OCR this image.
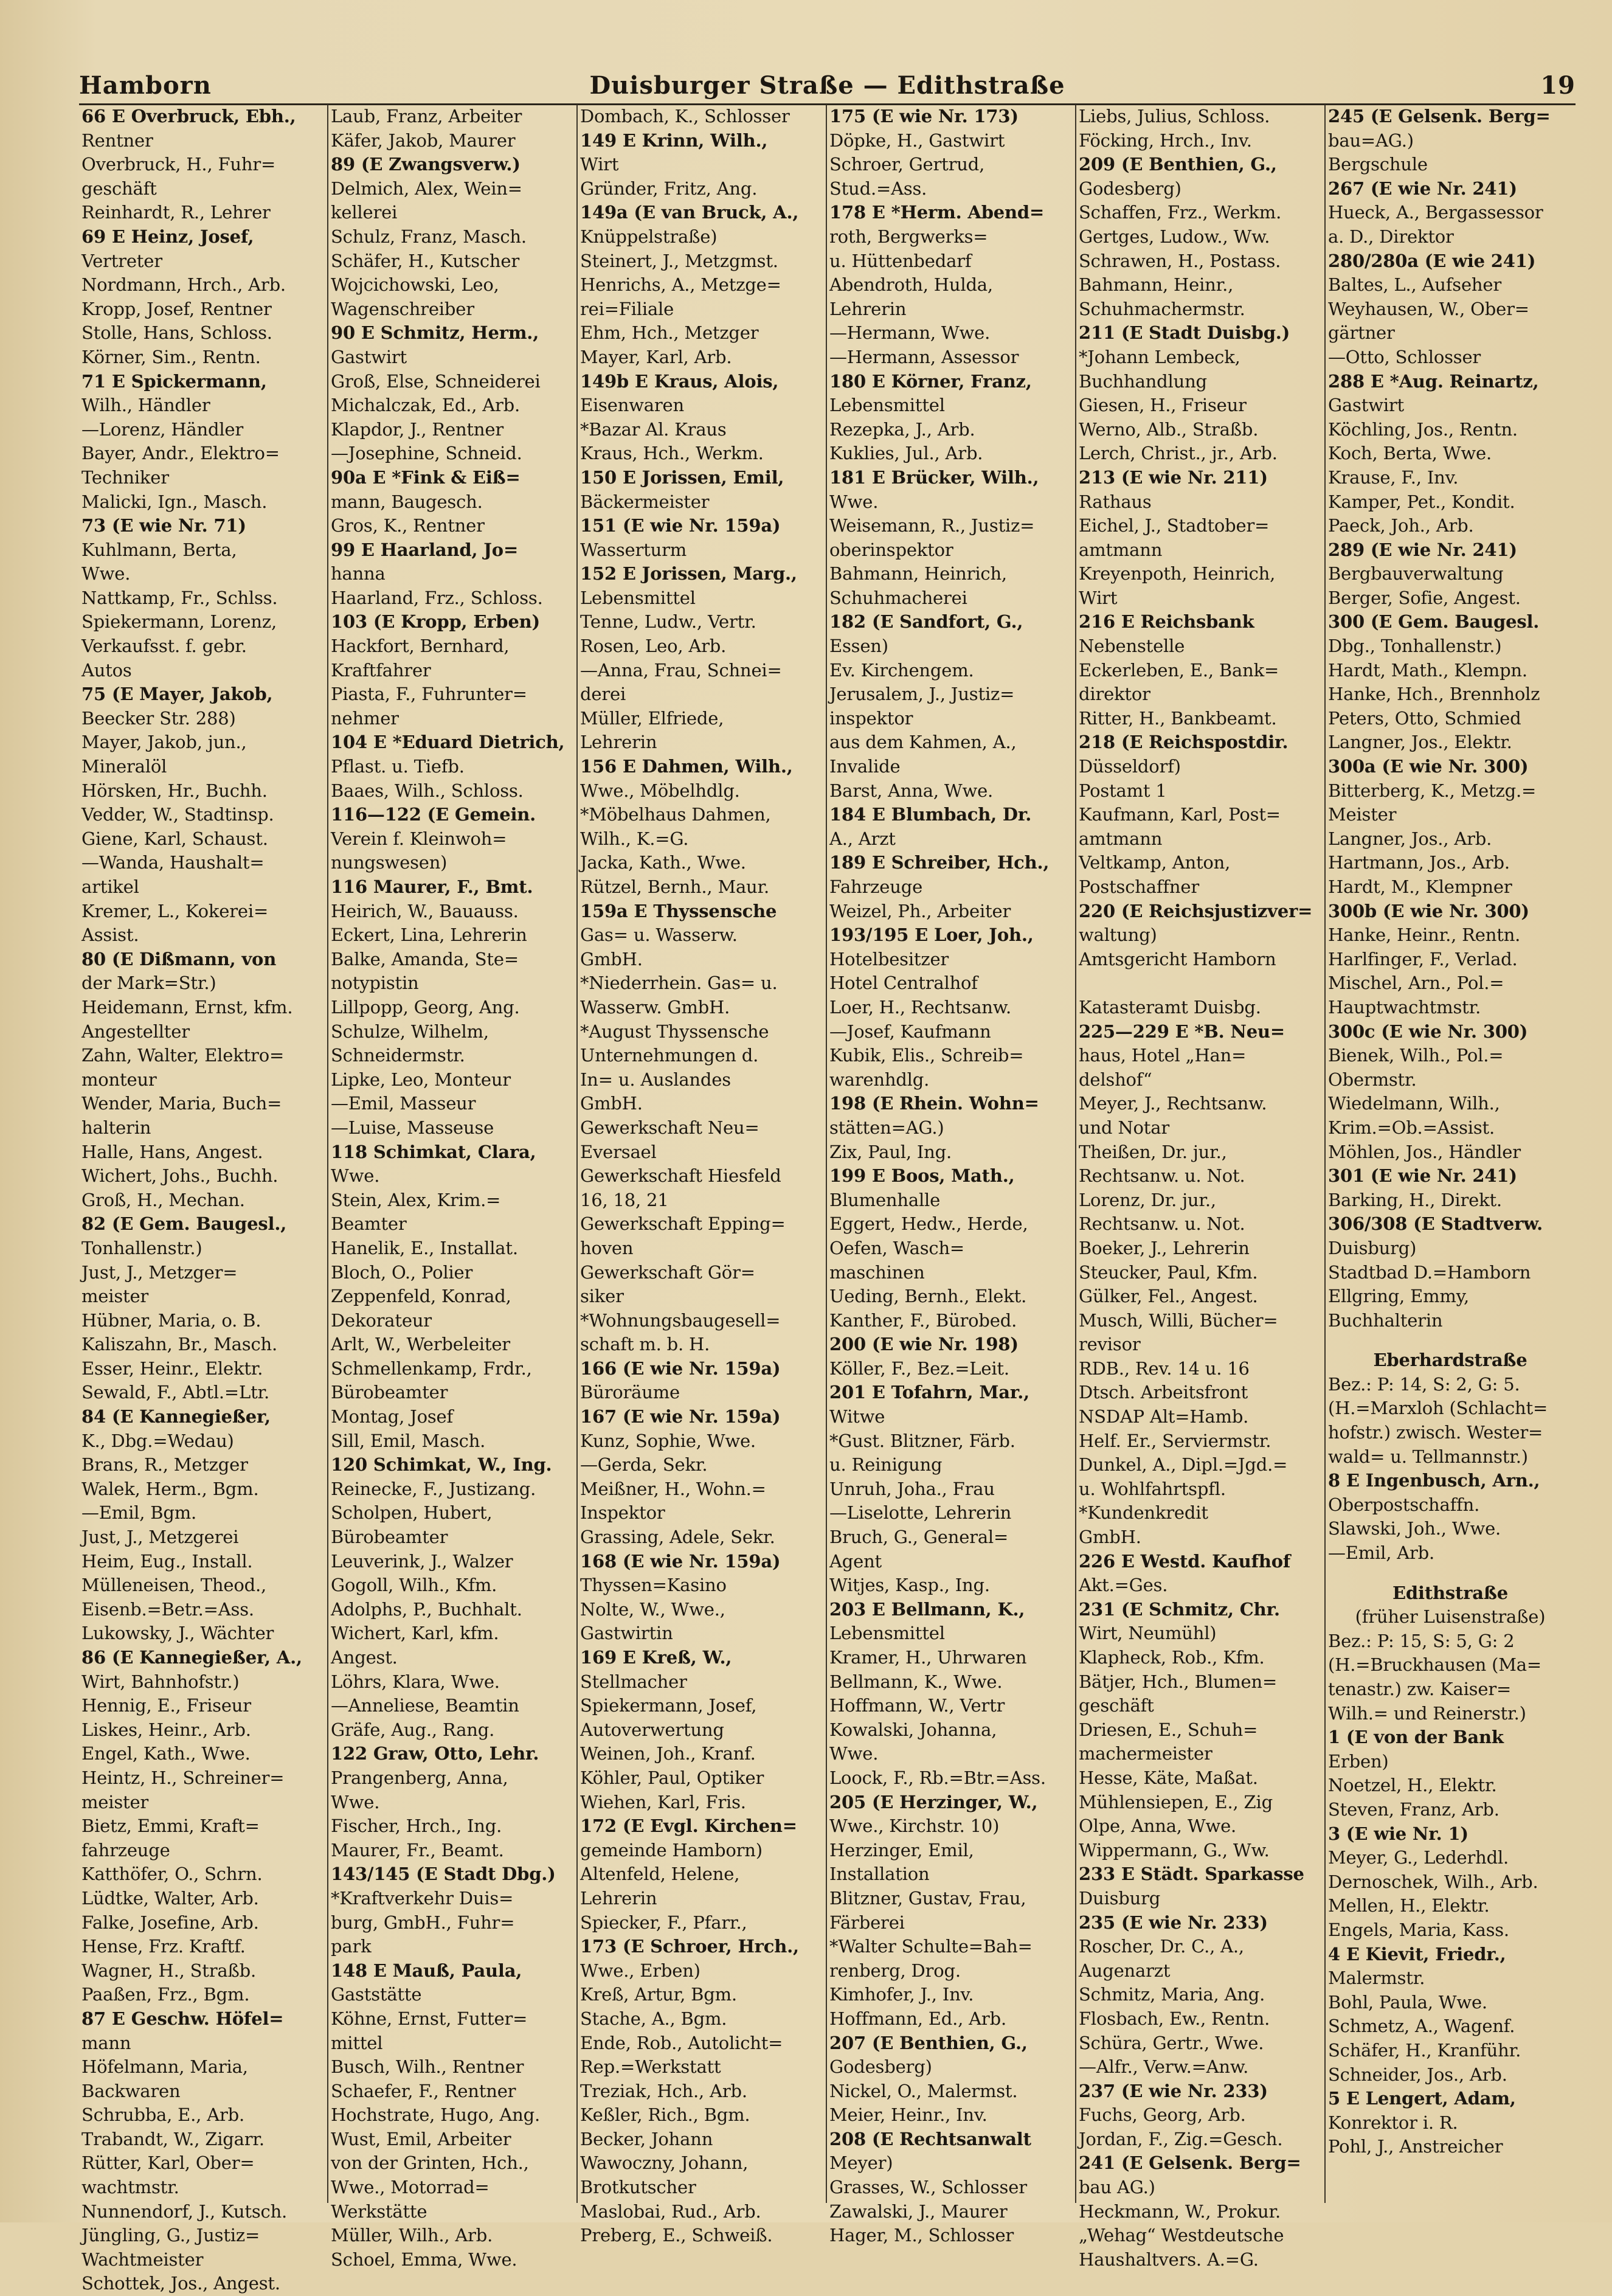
Hamborn	Duisburger Straße — Edithstraße	19
66 E Overbruck, Ebh.,
Rentner
Overbruck, H., Fuhr=
geschäft
Reinhardt, R., Lehrer
69 E Heinz, Josef,
Vertreter
Nordmann, Hrch., Arb.
Kropp, Josef, Rentner
Stolle, Hans, Schloss.
Körner, Sim., Rentn.
71 E Spickermann,
Wilh., Händler
—Lorenz, Händler
Bayer, Andr., Elektro=
Techniker
Malicki, Ign., Masch.
73 (E wie Nr. 71)
Kuhlmann, Berta,
Wwe.
Nattkamp, Fr., Schlss.
Spiekermann, Lorenz,
Verkaufsst. f. gebr.
Autos
75 (E Mayer, Jakob,
Beecker Str. 288)
Mayer, Jakob, jun.,
Mineralöl
Hörsken, Hr., Buchh.
Vedder, W., Stadtinsp.
Giene, Karl, Schaust.
—Wanda, Haushalt=
artikel
Kremer, L., Kokerei=
Assist.
80 (E Dißmann, von
der Mark=Str.)
Heidemann, Ernst, kfm.
Angestellter
Zahn, Walter, Elektro=
monteur
Wender, Maria, Buch=
halterin
Halle, Hans, Angest.
Wichert, Johs., Buchh.
Groß, H., Mechan.
82 (E Gem. Baugesl.,
Tonhallenstr.)
Just, J., Metzger=
meister
Hübner, Maria, o. B.
Kaliszahn, Br., Masch.
Esser, Heinr., Elektr.
Sewald, F., Abtl.=Ltr.
84 (E Kannegießer,
K., Dbg.=Wedau)
Brans, R., Metzger
Walek, Herm., Bgm.
—Emil, Bgm.
Just, J., Metzgerei
Heim, Eug., Install.
Mülleneisen, Theod.,
Eisenb.=Betr.=Ass.
Lukowsky, J., Wächter
86 (E Kannegießer, A.,
Wirt, Bahnhofstr.)
Hennig, E., Friseur
Liskes, Heinr., Arb.
Engel, Kath., Wwe.
Heintz, H., Schreiner=
meister
Bietz, Emmi, Kraft=
fahrzeuge
Katthöfer, O., Schrn.
Lüdtke, Walter, Arb.
Falke, Josefine, Arb.
Hense, Frz. Kraftf.
Wagner, H., Straßb.
Paaßen, Frz., Bgm.
87 E Geschw. Höfel=
mann
Höfelmann, Maria,
Backwaren
Schrubba, E., Arb.
Trabandt, W., Zigarr.
Rütter, Karl, Ober=
wachtmstr.
Nunnendorf, J., Kutsch.
Jüngling, G., Justiz=
Wachtmeister
Schottek, Jos., Angest.
Laub, Franz, Arbeiter
Käfer, Jakob, Maurer
89 (E Zwangsverw.)
Delmich, Alex, Wein=
kellerei
Schulz, Franz, Masch.
Schäfer, H., Kutscher
Wojcichowski, Leo,
Wagenschreiber
90 E Schmitz, Herm.,
Gastwirt
Groß, Else, Schneiderei
Michalczak, Ed., Arb.
Klapdor, J., Rentner
—Josephine, Schneid.
90a E *Fink & Eiß=
mann, Baugesch.
Gros, K., Rentner
99 E Haarland, Jo=
hanna
Haarland, Frz., Schloss.
103 (E Kropp, Erben)
Hackfort, Bernhard,
Kraftfahrer
Piasta, F., Fuhrunter=
nehmer
104 E *Eduard Dietrich,
Pflast. u. Tiefb.
Baaes, Wilh., Schloss.
116—122 (E Gemein.
Verein f. Kleinwoh=
nungswesen)
116 Maurer, F., Bmt.
Heirich, W., Bauauss.
Eckert, Lina, Lehrerin
Balke, Amanda, Ste=
notypistin
Lillpopp, Georg, Ang.
Schulze, Wilhelm,
Schneidermstr.
Lipke, Leo, Monteur
—Emil, Masseur
—Luise, Masseuse
118 Schimkat, Clara,
Wwe.
Stein, Alex, Krim.=
Beamter
Hanelik, E., Installat.
Bloch, O., Polier
Zeppenfeld, Konrad,
Dekorateur
Arlt, W., Werbeleiter
Schmellenkamp, Frdr.,
Bürobeamter
Montag, Josef
Sill, Emil, Masch.
120 Schimkat, W., Ing.
Reinecke, F., Justizang.
Scholpen, Hubert,
Bürobeamter
Leuverink, J., Walzer
Gogoll, Wilh., Kfm.
Adolphs, P., Buchhalt.
Wichert, Karl, kfm.
Angest.
Löhrs, Klara, Wwe.
—Anneliese, Beamtin
Gräfe, Aug., Rang.
122 Graw, Otto, Lehr.
Prangenberg, Anna,
Wwe.
Fischer, Hrch., Ing.
Maurer, Fr., Beamt.
143/145 (E Stadt Dbg.)
*Kraftverkehr Duis=
burg, GmbH., Fuhr=
park
148 E Mauß, Paula,
Gaststätte
Köhne, Ernst, Futter=
mittel
Busch, Wilh., Rentner
Schaefer, F., Rentner
Hochstrate, Hugo, Ang.
Wust, Emil, Arbeiter
von der Grinten, Hch.,
Wwe., Motorrad=
Werkstätte
Müller, Wilh., Arb.
Schoel, Emma, Wwe.
Dombach, K., Schlosser
149 E Krinn, Wilh.,
Wirt
Gründer, Fritz, Ang.
149a (E van Bruck, A.,
Knüppelstraße)
Steinert, J., Metzgmst.
Henrichs, A., Metzge=
rei=Filiale
Ehm, Hch., Metzger
Mayer, Karl, Arb.
149b E Kraus, Alois,
Eisenwaren
*Bazar Al. Kraus
Kraus, Hch., Werkm.
150 E Jorissen, Emil,
Bäckermeister
151 (E wie Nr. 159a)
Wasserturm
152 E Jorissen, Marg.,
Lebensmittel
Tenne, Ludw., Vertr.
Rosen, Leo, Arb.
—Anna, Frau, Schnei=
derei
Müller, Elfriede,
Lehrerin
156 E Dahmen, Wilh.,
Wwe., Möbelhdlg.
*Möbelhaus Dahmen,
Wilh., K.=G.
Jacka, Kath., Wwe.
Rützel, Bernh., Maur.
159a E Thyssensche
Gas= u. Wasserw.
GmbH.
*Niederrhein. Gas= u.
Wasserw. GmbH.
*August Thyssensche
Unternehmungen d.
In= u. Auslandes
GmbH.
Gewerkschaft Neu=
Eversael
Gewerkschaft Hiesfeld
16, 18, 21
Gewerkschaft Epping=
hoven
Gewerkschaft Gör=
siker
*Wohnungsbaugesell=
schaft m. b. H.
166 (E wie Nr. 159a)
Büroräume
167 (E wie Nr. 159a)
Kunz, Sophie, Wwe.
—Gerda, Sekr.
Meißner, H., Wohn.=
Inspektor
Grassing, Adele, Sekr.
168 (E wie Nr. 159a)
Thyssen=Kasino
Nolte, W., Wwe.,
Gastwirtin
169 E Kreß, W.,
Stellmacher
Spiekermann, Josef,
Autoverwertung
Weinen, Joh., Kranf.
Köhler, Paul, Optiker
Wiehen, Karl, Fris.
172 (E Evgl. Kirchen=
gemeinde Hamborn)
Altenfeld, Helene,
Lehrerin
Spiecker, F., Pfarr.,
173 (E Schroer, Hrch.,
Wwe., Erben)
Kreß, Artur, Bgm.
Stache, A., Bgm.
Ende, Rob., Autolicht=
Rep.=Werkstatt
Treziak, Hch., Arb.
Keßler, Rich., Bgm.
Becker, Johann
Wawoczny, Johann,
Brotkutscher
Maslobai, Rud., Arb.
Preberg, E., Schweiß.
175 (E wie Nr. 173)
Döpke, H., Gastwirt
Schroer, Gertrud,
Stud.=Ass.
178 E *Herm. Abend=
roth, Bergwerks=
u. Hüttenbedarf
Abendroth, Hulda,
Lehrerin
—Hermann, Wwe.
—Hermann, Assessor
180 E Körner, Franz,
Lebensmittel
Rezepka, J., Arb.
Kuklies, Jul., Arb.
181 E Brücker, Wilh.,
Wwe.
Weisemann, R., Justiz=
oberinspektor
Bahmann, Heinrich,
Schuhmacherei
182 (E Sandfort, G.,
Essen)
Ev. Kirchengem.
Jerusalem, J., Justiz=
inspektor
aus dem Kahmen, A.,
Invalide
Barst, Anna, Wwe.
184 E Blumbach, Dr.
A., Arzt
189 E Schreiber, Hch.,
Fahrzeuge
Weizel, Ph., Arbeiter
193/195 E Loer, Joh.,
Hotelbesitzer
Hotel Centralhof
Loer, H., Rechtsanw.
—Josef, Kaufmann
Kubik, Elis., Schreib=
warenhdlg.
198 (E Rhein. Wohn=
stätten=AG.)
Zix, Paul, Ing.
199 E Boos, Math.,
Blumenhalle
Eggert, Hedw., Herde,
Oefen, Wasch=
maschinen
Ueding, Bernh., Elekt.
Kanther, F., Bürobed.
200 (E wie Nr. 198)
Köller, F., Bez.=Leit.
201 E Tofahrn, Mar.,
Witwe
*Gust. Blitzner, Färb.
u. Reinigung
Unruh, Joha., Frau
—Liselotte, Lehrerin
Bruch, G., General=
Agent
Witjes, Kasp., Ing.
203 E Bellmann, K.,
Lebensmittel
Kramer, H., Uhrwaren
Bellmann, K., Wwe.
Hoffmann, W., Vertr
Kowalski, Johanna,
Wwe.
Loock, F., Rb.=Btr.=Ass.
205 (E Herzinger, W.,
Wwe., Kirchstr. 10)
Herzinger, Emil,
Installation
Blitzner, Gustav, Frau,
Färberei
*Walter Schulte=Bah=
renberg, Drog.
Kimhofer, J., Inv.
Hoffmann, Ed., Arb.
207 (E Benthien, G.,
Godesberg)
Nickel, O., Malermst.
Meier, Heinr., Inv.
208 (E Rechtsanwalt
Meyer)
Grasses, W., Schlosser
Zawalski, J., Maurer
Hager, M., Schlosser
Liebs, Julius, Schloss.
Föcking, Hrch., Inv.
209 (E Benthien, G.,
Godesberg)
Schaffen, Frz., Werkm.
Gertges, Ludow., Ww.
Schrawen, H., Postass.
Bahmann, Heinr.,
Schuhmachermstr.
211 (E Stadt Duisbg.)
*Johann Lembeck,
Buchhandlung
Giesen, H., Friseur
Werno, Alb., Straßb.
Lerch, Christ., jr., Arb.
213 (E wie Nr. 211)
Rathaus
Eichel, J., Stadtober=
amtmann
Kreyenpoth, Heinrich,
Wirt
216 E Reichsbank
Nebenstelle
Eckerleben, E., Bank=
direktor
Ritter, H., Bankbeamt.
218 (E Reichspostdir.
Düsseldorf)
Postamt 1
Kaufmann, Karl, Post=
amtmann
Veltkamp, Anton,
Postschaffner
220 (E Reichsjustizver=
waltung)
Amtsgericht Hamborn

Katasteramt Duisbg.
225—229 E *B. Neu=
haus, Hotel „Han=
delshof“
Meyer, J., Rechtsanw.
und Notar
Theißen, Dr. jur.,
Rechtsanw. u. Not.
Lorenz, Dr. jur.,
Rechtsanw. u. Not.
Boeker, J., Lehrerin
Steucker, Paul, Kfm.
Gülker, Fel., Angest.
Musch, Willi, Bücher=
revisor
RDB., Rev. 14 u. 16
Dtsch. Arbeitsfront
NSDAP Alt=Hamb.
Helf. Er., Serviermstr.
Dunkel, A., Dipl.=Jgd.=
u. Wohlfahrtspfl.
*Kundenkredit
GmbH.
226 E Westd. Kaufhof
Akt.=Ges.
231 (E Schmitz, Chr.
Wirt, Neumühl)
Klapheck, Rob., Kfm.
Bätjer, Hch., Blumen=
geschäft
Driesen, E., Schuh=
machermeister
Hesse, Käte, Maßat.
Mühlensiepen, E., Zig
Olpe, Anna, Wwe.
Wippermann, G., Ww.
233 E Städt. Sparkasse
Duisburg
235 (E wie Nr. 233)
Roscher, Dr. C., A.,
Augenarzt
Schmitz, Maria, Ang.
Flosbach, Ew., Rentn.
Schüra, Gertr., Wwe.
—Alfr., Verw.=Anw.
237 (E wie Nr. 233)
Fuchs, Georg, Arb.
Jordan, F., Zig.=Gesch.
241 (E Gelsenk. Berg=
bau AG.)
Heckmann, W., Prokur.
„Wehag“ Westdeutsche
Haushaltvers. A.=G.
245 (E Gelsenk. Berg=
bau=AG.)
Bergschule
267 (E wie Nr. 241)
Hueck, A., Bergassessor
a. D., Direktor
280/280a (E wie 241)
Baltes, L., Aufseher
Weyhausen, W., Ober=
gärtner
—Otto, Schlosser
288 E *Aug. Reinartz,
Gastwirt
Köchling, Jos., Rentn.
Koch, Berta, Wwe.
Krause, F., Inv.
Kamper, Pet., Kondit.
Paeck, Joh., Arb.
289 (E wie Nr. 241)
Bergbauverwaltung
Berger, Sofie, Angest.
300 (E Gem. Baugesl.
Dbg., Tonhallenstr.)
Hardt, Math., Klempn.
Hanke, Hch., Brennholz
Peters, Otto, Schmied
Langner, Jos., Elektr.
300a (E wie Nr. 300)
Bitterberg, K., Metzg.=
Meister
Langner, Jos., Arb.
Hartmann, Jos., Arb.
Hardt, M., Klempner
300b (E wie Nr. 300)
Hanke, Heinr., Rentn.
Harlfinger, F., Verlad.
Mischel, Arn., Pol.=
Hauptwachtmstr.
300c (E wie Nr. 300)
Bienek, Wilh., Pol.=
Obermstr.
Wiedelmann, Wilh.,
Krim.=Ob.=Assist.
Möhlen, Jos., Händler
301 (E wie Nr. 241)
Barking, H., Direkt.
306/308 (E Stadtverw.
Duisburg)
Stadtbad D.=Hamborn
Ellgring, Emmy,
Buchhalterin
Eberhardstraße
Bez.: P: 14, S: 2, G: 5.
(H.=Marxloh (Schlacht=
hofstr.) zwisch. Wester=
wald= u. Tellmannstr.)
8 E Ingenbusch, Arn.,
Oberpostschaffn.
Slawski, Joh., Wwe.
—Emil, Arb.
Edithstraße
(früher Luisenstraße)
Bez.: P: 15, S: 5, G: 2
(H.=Bruckhausen (Ma=
tenastr.) zw. Kaiser=
Wilh.= und Reinerstr.)
1 (E von der Bank
Erben)
Noetzel, H., Elektr.
Steven, Franz, Arb.
3 (E wie Nr. 1)
Meyer, G., Lederhdl.
Dernoschek, Wilh., Arb.
Mellen, H., Elektr.
Engels, Maria, Kass.
4 E Kievit, Friedr.,
Malermstr.
Bohl, Paula, Wwe.
Schmetz, A., Wagenf.
Schäfer, H., Kranführ.
Schneider, Jos., Arb.
5 E Lengert, Adam,
Konrektor i. R.
Pohl, J., Anstreicher
